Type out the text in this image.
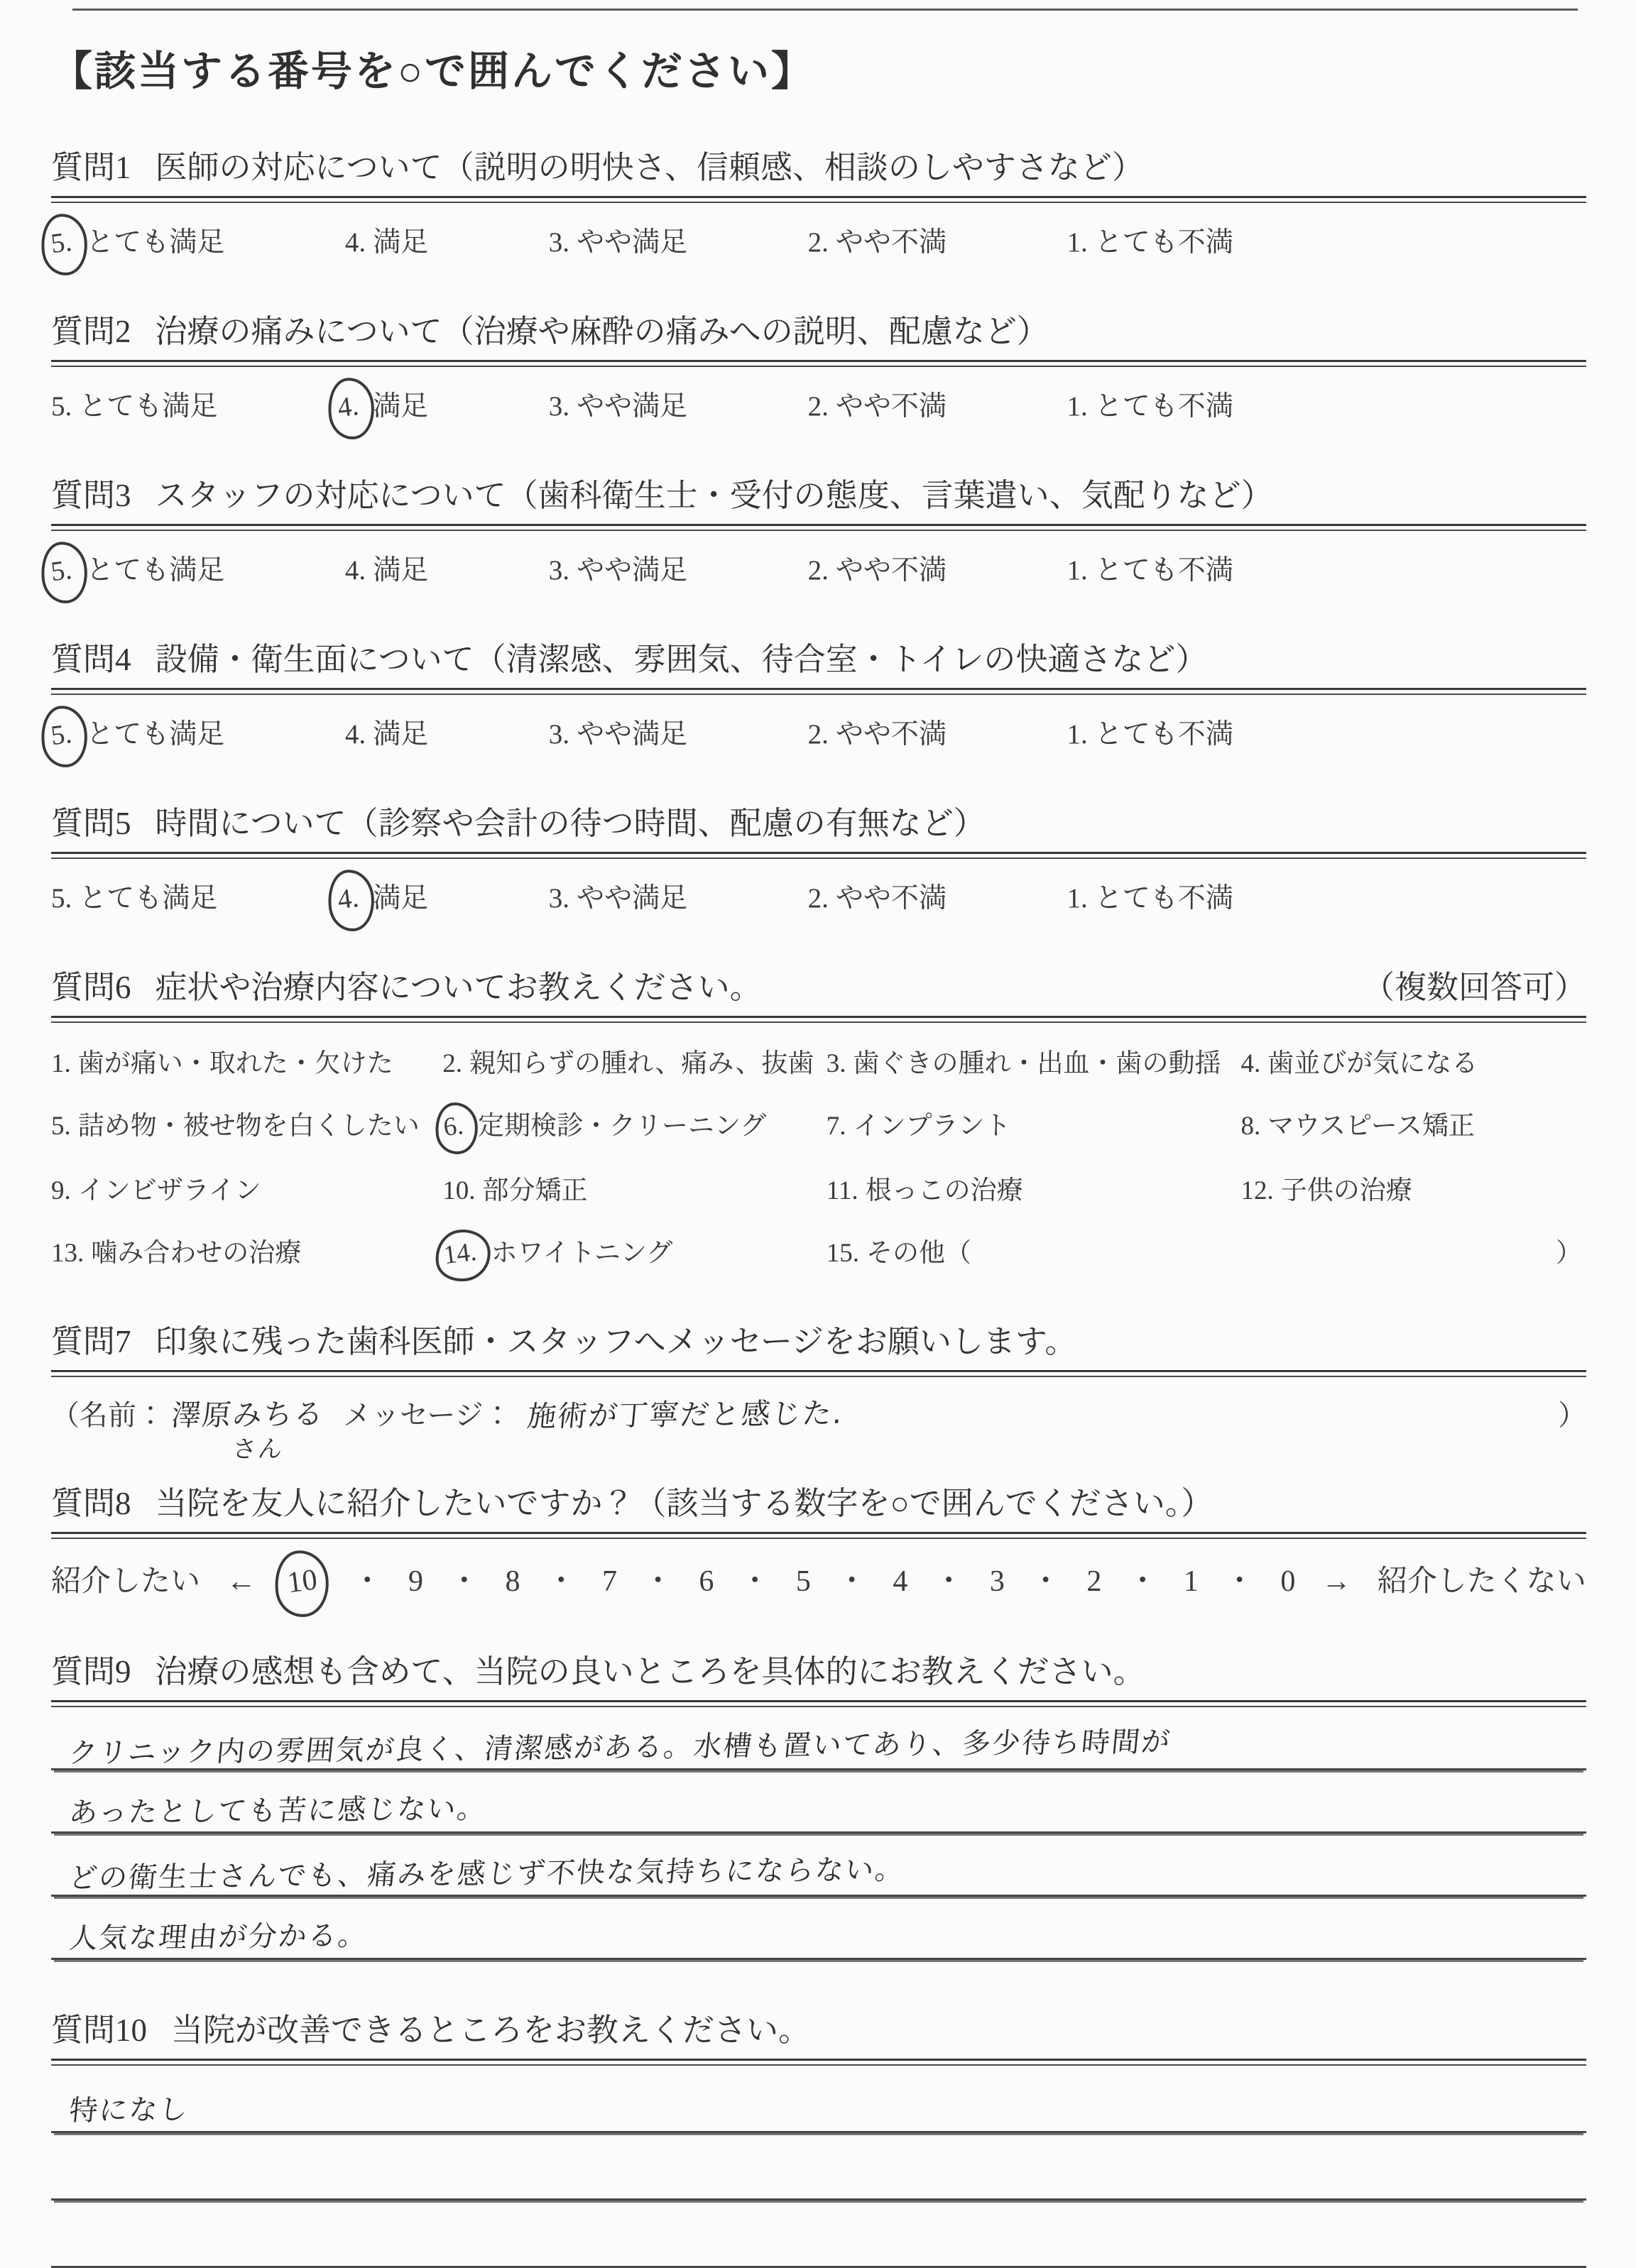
【該当する番号を○で囲んでください】
質問1 医師の対応について（説明の明快さ、信頼感、相談のしやすさなど）
5. とても満足	4. 満足	3. やや満足	2. やや不満	1. とても不満
質問2 治療の痛みについて（治療や麻酔の痛みへの説明、配慮など）
5. とても満足	4. 満足	3. やや満足	2. やや不満	1. とても不満
質問3 スタッフの対応について（歯科衛生士・受付の態度、言葉遣い、気配りなど）
5. とても満足	4. 満足	3. やや満足	2. やや不満	1. とても不満
質問4 設備・衛生面について（清潔感、雰囲気、待合室・トイレの快適さなど）
5. とても満足	4. 満足	3. やや満足	2. やや不満	1. とても不満
質問5 時間について（診察や会計の待つ時間、配慮の有無など）
5. とても満足	4. 満足	3. やや満足	2. やや不満	1. とても不満
質問6 症状や治療内容についてお教えください。	（複数回答可）
1. 歯が痛い・取れた・欠けた	2. 親知らずの腫れ、痛み、抜歯 3. 歯ぐきの腫れ・出血・歯の動揺 4. 歯並びが気になる
5. 詰め物・被せ物を白くしたい 6. 定期検診・クリーニング	7. インプラント	8. マウスピース矯正
9. インビザライン	10. 部分矯正	11. 根っこの治療	12. 子供の治療
13. 噛み合わせの治療	14. ホワイトニング	15. その他（	）
質問7 印象に残った歯科医師・スタッフへメッセージをお願いします。
（名前： 澤原みちる
さん
メッセージ： 施術が丁寧だと感じた.	）
質問8 当院を友人に紹介したいですか？（該当する数字を○で囲んでください。）
紹介したい ← 10 ・ 9 ・ 8 ・ 7 ・ 6 ・ 5 ・ 4 ・ 3 ・ 2 ・ 1 ・ 0 → 紹介したくない
質問9 治療の感想も含めて、当院の良いところを具体的にお教えください。
クリニック内の雰囲気が良く、清潔感がある。水槽も置いてあり、多少待ち時間が
あったとしても苦に感じない。
どの衛生士さんでも、痛みを感じず不快な気持ちにならない。
人気な理由が分かる。
質問10 当院が改善できるところをお教えください。
特になし
